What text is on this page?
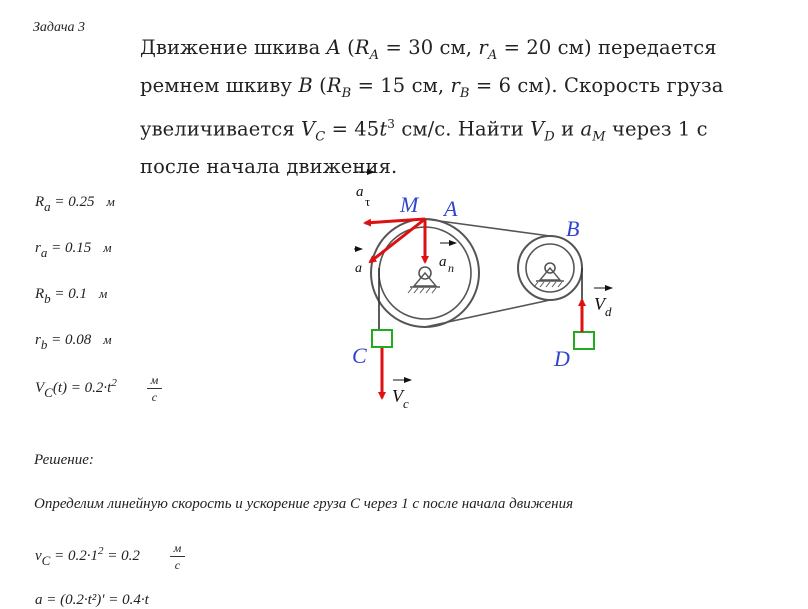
Задача 3
Движение шкива A ($R_A = 30$ см, $r_A = 20$ см) передается
ремнем шкиву B ($R_B = 15$ см, $r_B = 6$ см). Скорость груза
увеличивается $V_C = 45t^3$ см/с. Найти $V_D$ и $a_M$ через 1 с
после начала движения.
$R_a = 0.25$ м
$r_a = 0.15$ м
$R_b = 0.1$ м
$r_b = 0.08$ м
$V_C(t) = 0.2\cdot t^2 \frac{м}{с}$
Решение:
Определим линейную скорость и ускорение груза С через 1 с после начала движения
$v_C = 0.2\cdot 1^2 = 0.2 \frac{м}{с}$
a = (0.2·t²)' = 0.4·t
M A
B
C	D
a
τ
a n
a
V d
V c
